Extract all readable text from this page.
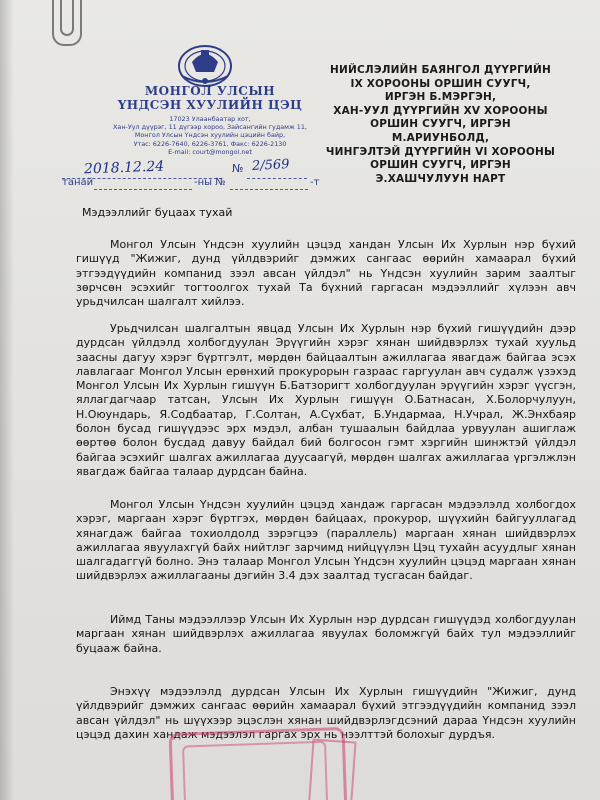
МОНГОЛ УЛСЫН
ҮНДСЭН ХУУЛИЙН ЦЭЦ
17023 Улаанбаатар хот,
Хан-Уул дүүрэг, 11 дүгээр хороо, Зайсангийн гудамж 11,
Монгол Улсын Үндсэн хуулийн цэцийн байр,
Утас: 6226-7640, 6226-3761, Факс: 6226-2130
E-mail: court@mongol.net
2018.12.24	№ 2/569
танай	-ны №	-т
НИЙСЛЭЛИЙН БАЯНГОЛ ДҮҮРГИЙН
IX ХОРООНЫ ОРШИН СУУГЧ,
ИРГЭН Б.МЭРГЭН,
ХАН-УУЛ ДҮҮРГИЙН XV ХОРООНЫ
ОРШИН СУУГЧ, ИРГЭН
М.АРИУНБОЛД,
ЧИНГЭЛТЭЙ ДҮҮРГИЙН VI ХОРООНЫ
ОРШИН СУУГЧ, ИРГЭН
Э.ХАШЧУЛУУН НАРТ
Мэдээллийг буцаах тухай
Монгол Улсын Үндсэн хуулийн цэцэд хандан Улсын Их Хурлын нэр бүхий гишүүд "Жижиг, дунд үйлдвэрийг дэмжих сангаас өөрийн хамаарал бүхий этгээдүүдийн компанид зээл авсан үйлдэл" нь Үндсэн хуулийн зарим заалтыг зөрчсөн эсэхийг тогтоолгох тухай Та бүхний гаргасан мэдээллийг хүлээн авч урьдчилсан шалгалт хийлээ.
Урьдчилсан шалгалтын явцад Улсын Их Хурлын нэр бүхий гишүүдийн дээр дурдсан үйлдэлд холбогдуулан Эрүүгийн хэрэг хянан шийдвэрлэх тухай хуульд заасны дагуу хэрэг бүртгэлт, мөрдөн байцаалтын ажиллагаа явагдаж байгаа эсэх лавлагааг Монгол Улсын ерөнхий прокурорын газраас гаргуулан авч судалж үзэхэд Монгол Улсын Их Хурлын гишүүн Б.Батзоригт холбогдуулан эрүүгийн хэрэг үүсгэн, яллагдагчаар татсан, Улсын Их Хурлын гишүүн О.Батнасан, Х.Болорчулуун, Н.Оюундарь, Я.Содбаатар, Г.Солтан, А.Сүхбат, Б.Ундармаа, Н.Учрал, Ж.Энхбаяр болон бусад гишүүдээс эрх мэдэл, албан тушаалын байдлаа урвуулан ашиглаж өөртөө болон бусдад давуу байдал бий болгосон гэмт хэргийн шинжтэй үйлдэл байгаа эсэхийг шалгах ажиллагаа дуусаагүй, мөрдөн шалгах ажиллагаа үргэлжлэн явагдаж байгаа талаар дурдсан байна.
Монгол Улсын Үндсэн хуулийн цэцэд хандаж гаргасан мэдээлэлд холбогдох хэрэг, маргаан хэрэг бүртгэх, мөрдөн байцаах, прокурор, шүүхийн байгууллагад хянагдаж байгаа тохиолдолд зэрэгцээ (параллель) маргаан хянан шийдвэрлэх ажиллагаа явуулахгүй байх нийтлэг зарчимд нийцүүлэн Цэц тухайн асуудлыг хянан шалгадаггүй болно. Энэ талаар Монгол Улсын Үндсэн хуулийн цэцэд маргаан хянан шийдвэрлэх ажиллагааны дэгийн 3.4 дэх заалтад тусгасан байдаг.
Иймд Таны мэдээллээр Улсын Их Хурлын нэр дурдсан гишүүдэд холбогдуулан маргаан хянан шийдвэрлэх ажиллагаа явуулах боломжгүй байх тул мэдээллийг буцааж байна.
Энэхүү мэдээлэлд дурдсан Улсын Их Хурлын гишүүдийн "Жижиг, дунд үйлдвэрийг дэмжих сангаас өөрийн хамаарал бүхий этгээдүүдийн компанид зээл авсан үйлдэл" нь шүүхээр эцэслэн хянан шийдвэрлэгдсэний дараа Үндсэн хуулийн цэцэд дахин хандаж мэдээлэл гаргах эрх нь нээлттэй болохыг дурдъя.
